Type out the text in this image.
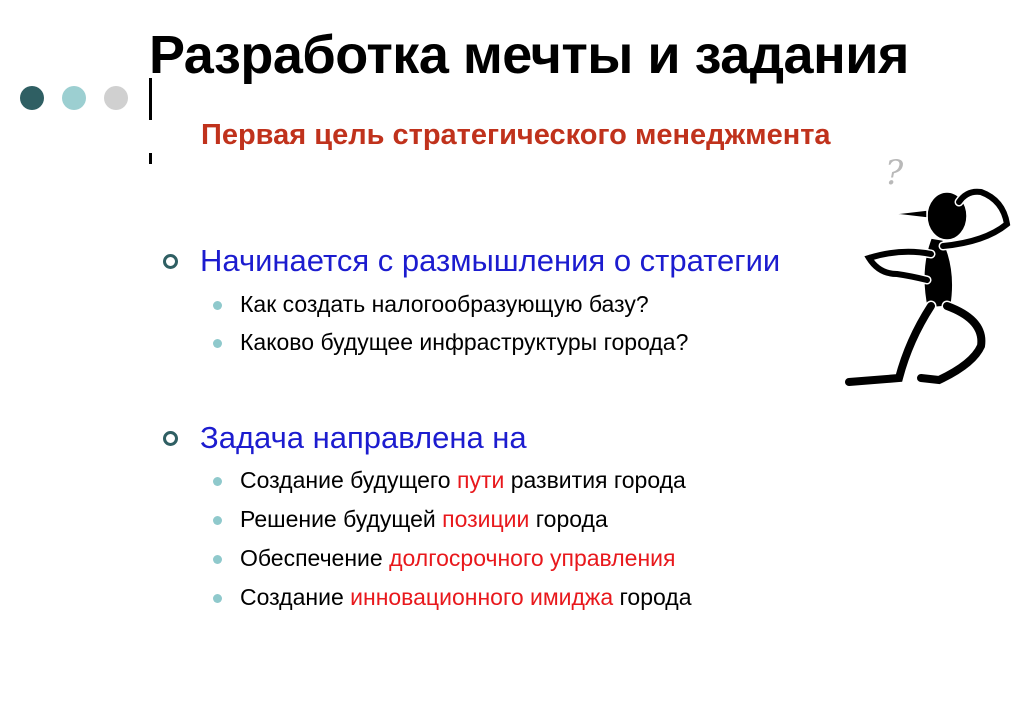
Разработка мечты и задания
Первая цель стратегического менеджмента
Начинается с размышления о стратегии
Как создать налогообразующую базу?
Каково будущее инфраструктуры города?
Задача направлена на
Создание будущего пути развития города
Решение будущей позиции города
Обеспечение долгосрочного управления
Создание инновационного имиджа города
?
